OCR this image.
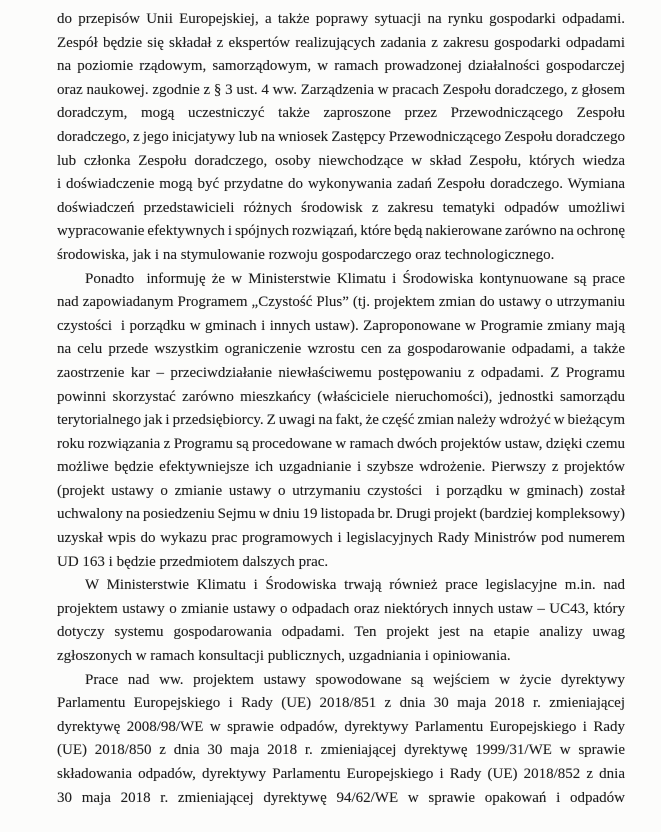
do przepisów Unii Europejskiej, a także poprawy sytuacji na rynku gospodarki odpadami.
Zespół będzie się składał z ekspertów realizujących zadania z zakresu gospodarki odpadami
na poziomie rządowym, samorządowym, w ramach prowadzonej działalności gospodarczej
oraz naukowej. zgodnie z § 3 ust. 4 ww. Zarządzenia w pracach Zespołu doradczego, z głosem
doradczym, mogą uczestniczyć także zaproszone przez Przewodniczącego Zespołu
doradczego, z jego inicjatywy lub na wniosek Zastępcy Przewodniczącego Zespołu doradczego
lub członka Zespołu doradczego, osoby niewchodzące w skład Zespołu, których wiedza
i doświadczenie mogą być przydatne do wykonywania zadań Zespołu doradczego. Wymiana
doświadczeń przedstawicieli różnych środowisk z zakresu tematyki odpadów umożliwi
wypracowanie efektywnych i spójnych rozwiązań, które będą nakierowane zarówno na ochronę
środowiska, jak i na stymulowanie rozwoju gospodarczego oraz technologicznego.
Ponadto  informuję że w Ministerstwie Klimatu i Środowiska kontynuowane są prace
nad zapowiadanym Programem „Czystość Plus” (tj. projektem zmian do ustawy o utrzymaniu
czystości  i porządku w gminach i innych ustaw). Zaproponowane w Programie zmiany mają
na celu przede wszystkim ograniczenie wzrostu cen za gospodarowanie odpadami, a także
zaostrzenie kar – przeciwdziałanie niewłaściwemu postępowaniu z odpadami. Z Programu
powinni skorzystać zarówno mieszkańcy (właściciele nieruchomości), jednostki samorządu
terytorialnego jak i przedsiębiorcy. Z uwagi na fakt, że część zmian należy wdrożyć w bieżącym
roku rozwiązania z Programu są procedowane w ramach dwóch projektów ustaw, dzięki czemu
możliwe będzie efektywniejsze ich uzgadnianie i szybsze wdrożenie. Pierwszy z projektów
(projekt ustawy o zmianie ustawy o utrzymaniu czystości  i porządku w gminach) został
uchwalony na posiedzeniu Sejmu w dniu 19 listopada br. Drugi projekt (bardziej kompleksowy)
uzyskał wpis do wykazu prac programowych i legislacyjnych Rady Ministrów pod numerem
UD 163 i będzie przedmiotem dalszych prac.
W Ministerstwie Klimatu i Środowiska trwają również prace legislacyjne m.in. nad
projektem ustawy o zmianie ustawy o odpadach oraz niektórych innych ustaw – UC43, który
dotyczy systemu gospodarowania odpadami. Ten projekt jest na etapie analizy uwag
zgłoszonych w ramach konsultacji publicznych, uzgadniania i opiniowania.
Prace nad ww. projektem ustawy spowodowane są wejściem w życie dyrektywy
Parlamentu Europejskiego i Rady (UE) 2018/851 z dnia 30 maja 2018 r. zmieniającej
dyrektywę 2008/98/WE w sprawie odpadów, dyrektywy Parlamentu Europejskiego i Rady
(UE) 2018/850 z dnia 30 maja 2018 r. zmieniającej dyrektywę 1999/31/WE w sprawie
składowania odpadów, dyrektywy Parlamentu Europejskiego i Rady (UE) 2018/852 z dnia
30 maja 2018 r. zmieniającej dyrektywę 94/62/WE w sprawie opakowań i odpadów
